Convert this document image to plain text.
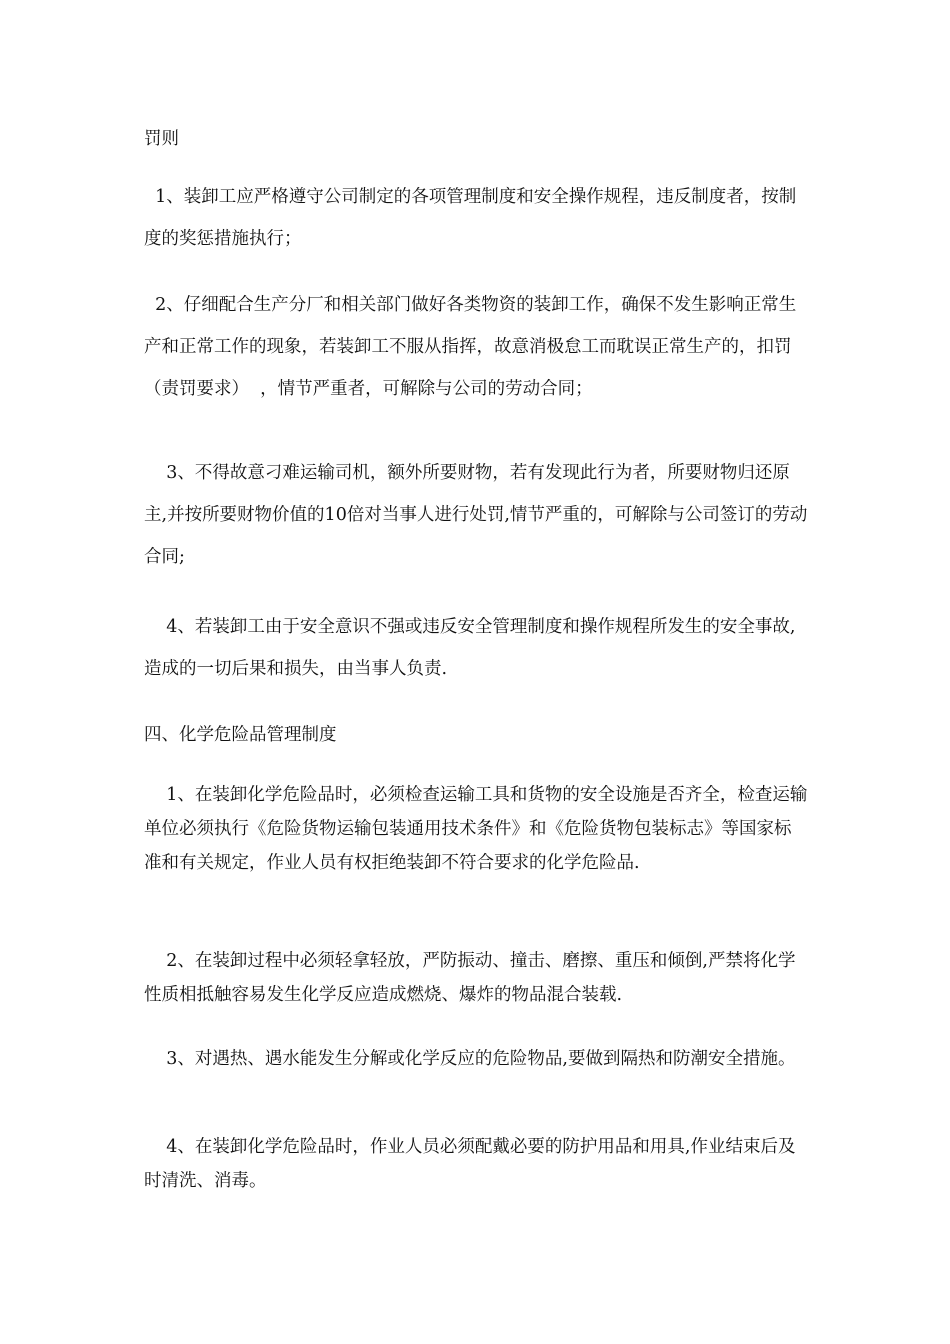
罚则

1、装卸工应严格遵守公司制定的各项管理制度和安全操作规程，违反制度者，按制度的奖惩措施执行；

2、仔细配合生产分厂和相关部门做好各类物资的装卸工作，确保不发生影响正常生产和正常工作的现象，若装卸工不服从指挥，故意消极怠工而耽误正常生产的，扣罚  （责罚要求）  ，情节严重者，可解除与公司的劳动合同；

3、不得故意刁难运输司机，额外所要财物，若有发现此行为者，所要财物归还原主,并按所要财物价值的10倍对当事人进行处罚,情节严重的，可解除与公司签订的劳动合同;

4、若装卸工由于安全意识不强或违反安全管理制度和操作规程所发生的安全事故,造成的一切后果和损失，由当事人负责.

四、化学危险品管理制度

1、在装卸化学危险品时，必须检查运输工具和货物的安全设施是否齐全，检查运输单位必须执行《危险货物运输包装通用技术条件》和《危险货物包装标志》等国家标准和有关规定，作业人员有权拒绝装卸不符合要求的化学危险品.

2、在装卸过程中必须轻拿轻放，严防振动、撞击、磨擦、重压和倾倒,严禁将化学性质相抵触容易发生化学反应造成燃烧、爆炸的物品混合装载.

3、对遇热、遇水能发生分解或化学反应的危险物品,要做到隔热和防潮安全措施。

4、在装卸化学危险品时，作业人员必须配戴必要的防护用品和用具,作业结束后及时清洗、消毒。
